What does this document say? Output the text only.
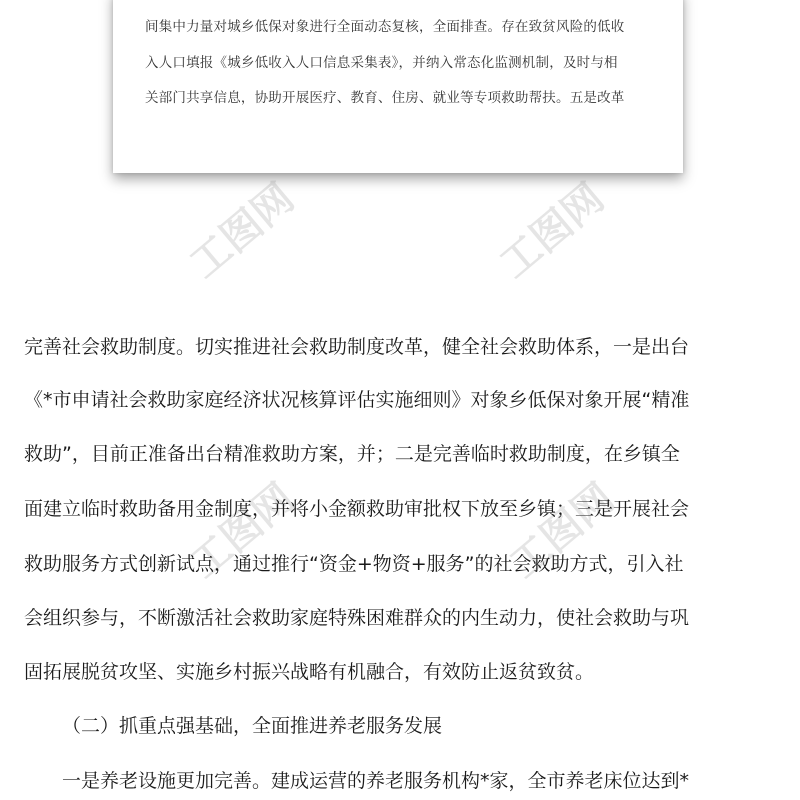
工图网	工图网
工图网	工图网

间集中力量对城乡低保对象进行全面动态复核，全面排查。存在致贫风险的低收

入人口填报《城乡低收入人口信息采集表》，并纳入常态化监测机制，及时与相

关部门共享信息，协助开展医疗、教育、住房、就业等专项救助帮扶。五是改革

完善社会救助制度。切实推进社会救助制度改革，健全社会救助体系，一是出台

《*市申请社会救助家庭经济状况核算评估实施细则》对象乡低保对象开展“精准

救助”，目前正准备出台精准救助方案，并；二是完善临时救助制度，在乡镇全

面建立临时救助备用金制度，并将小金额救助审批权下放至乡镇；三是开展社会

救助服务方式创新试点，通过推行“资金+物资+服务”的社会救助方式，引入社

会组织参与，不断激活社会救助家庭特殊困难群众的内生动力，使社会救助与巩

固拓展脱贫攻坚、实施乡村振兴战略有机融合，有效防止返贫致贫。

（二）抓重点强基础，全面推进养老服务发展

一是养老设施更加完善。建成运营的养老服务机构*家，全市养老床位达到*
